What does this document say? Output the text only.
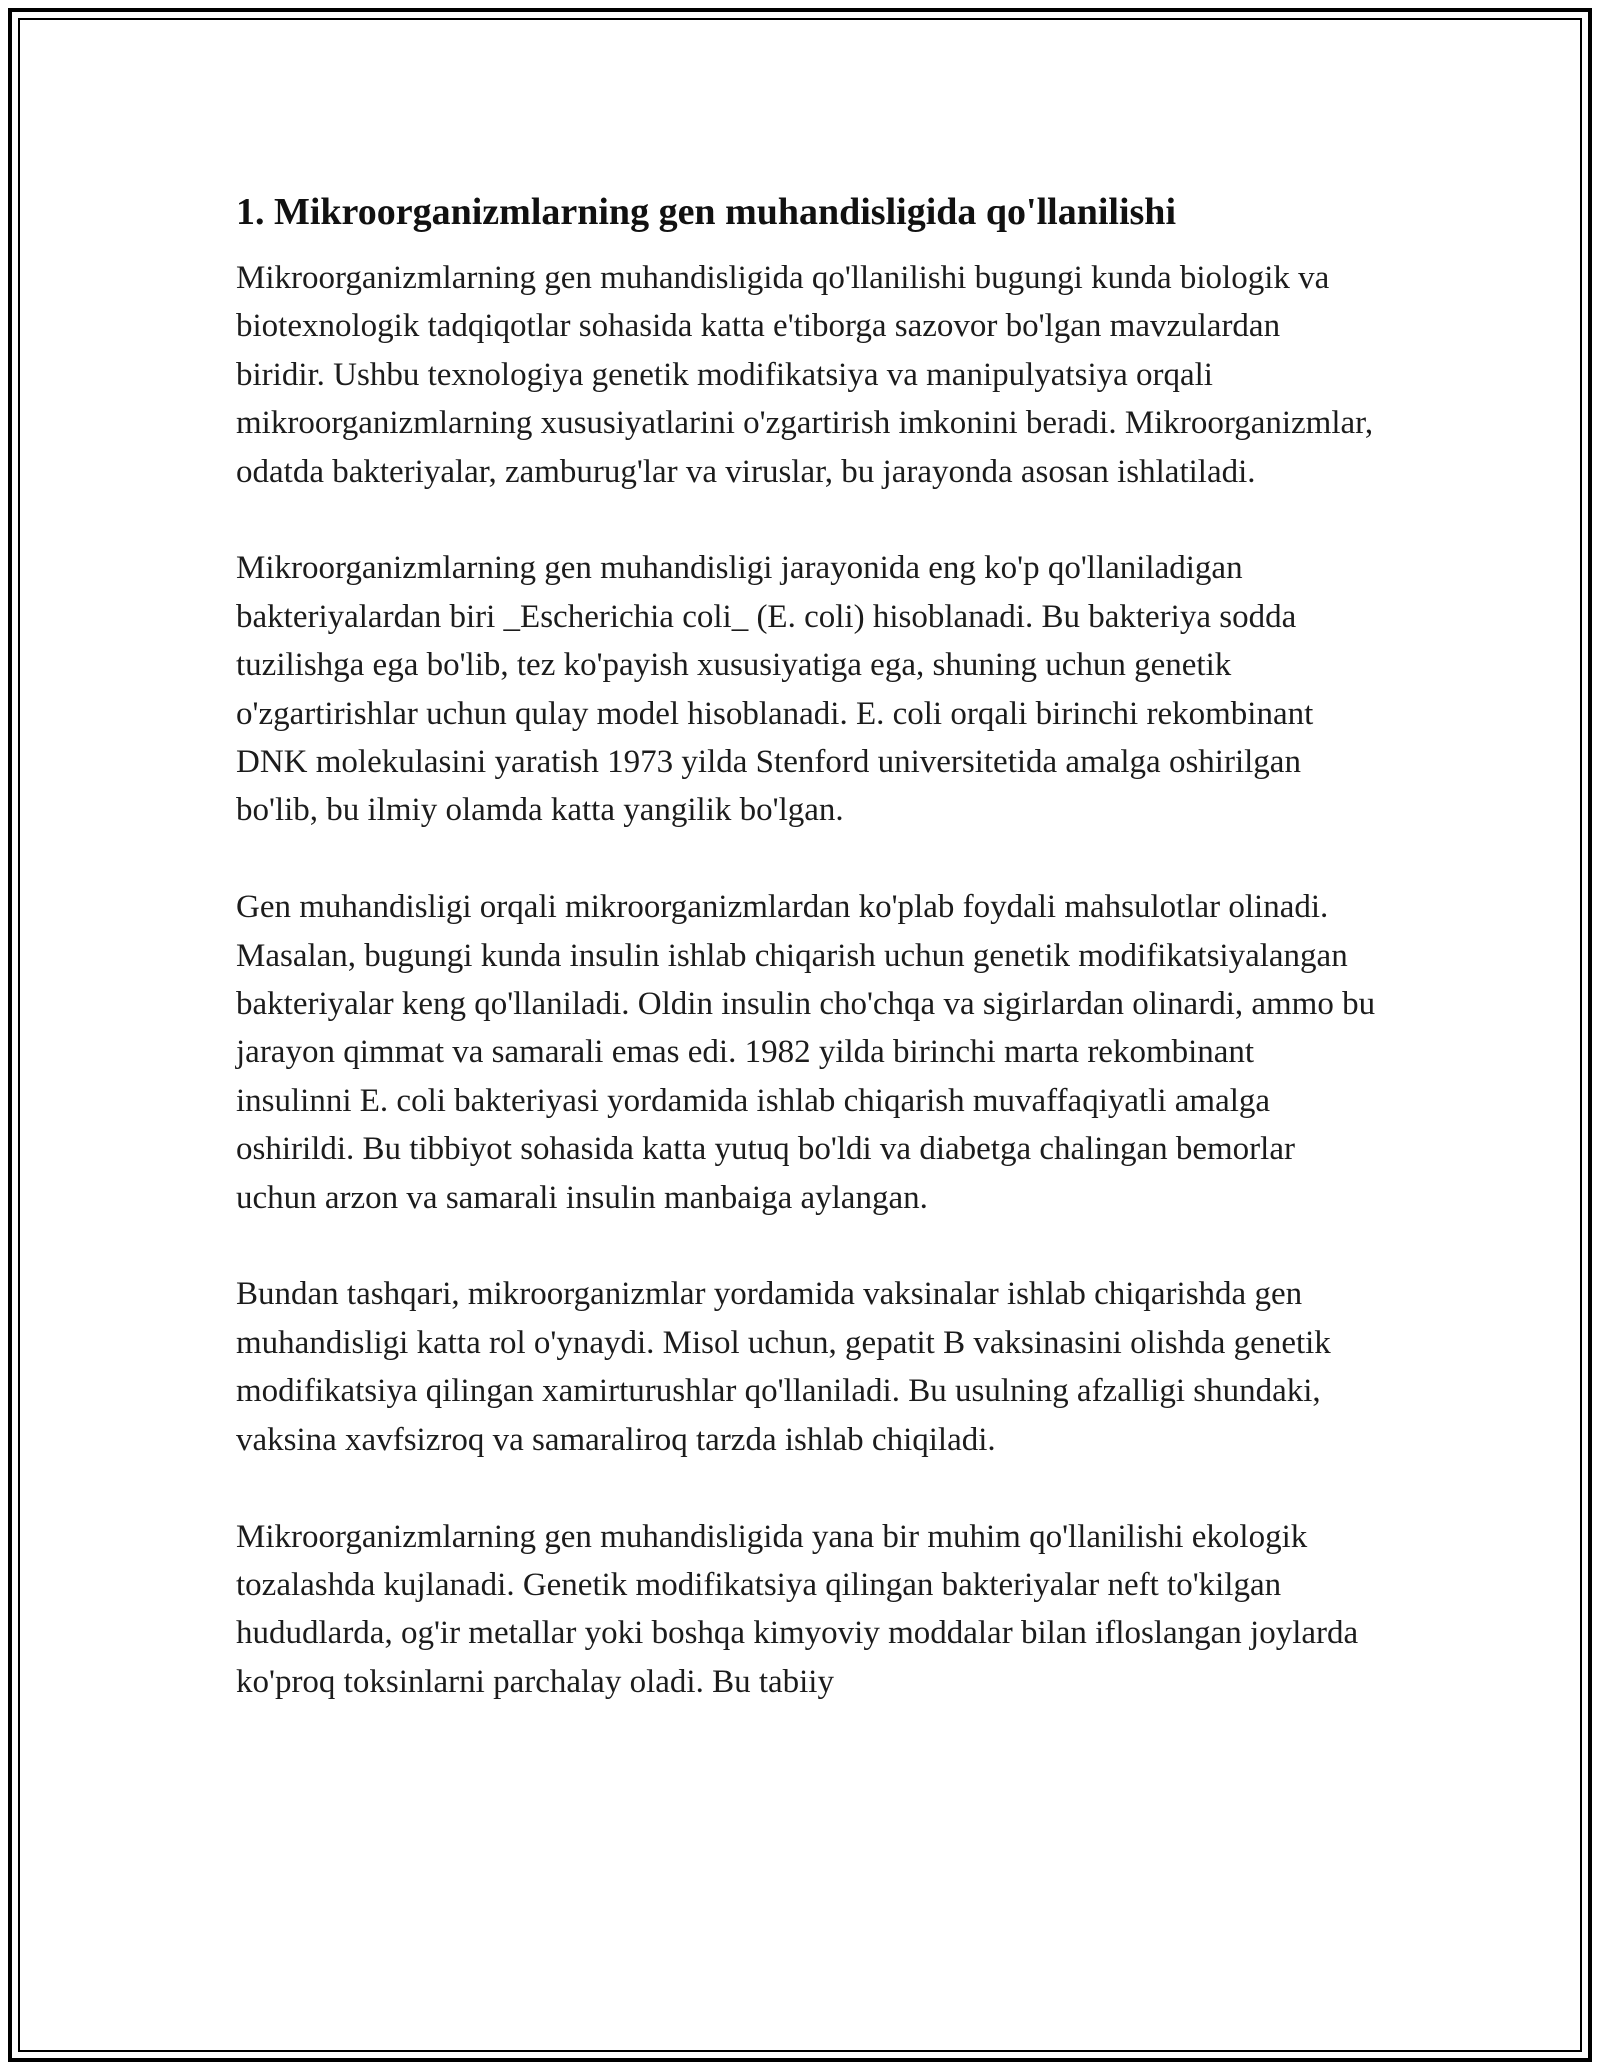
1. Mikroorganizmlarning gen muhandisligida qo'llanilishi

Mikroorganizmlarning gen muhandisligida qo'llanilishi bugungi kunda biologik va biotexnologik tadqiqotlar sohasida katta e'tiborga sazovor bo'lgan mavzulardan biridir. Ushbu texnologiya genetik modifikatsiya va manipulyatsiya orqali mikroorganizmlarning xususiyatlarini o'zgartirish imkonini beradi. Mikroorganizmlar, odatda bakteriyalar, zamburug'lar va viruslar, bu jarayonda asosan ishlatiladi.

Mikroorganizmlarning gen muhandisligi jarayonida eng ko'p qo'llaniladigan bakteriyalardan biri _Escherichia coli_ (E. coli) hisoblanadi. Bu bakteriya sodda tuzilishga ega bo'lib, tez ko'payish xususiyatiga ega, shuning uchun genetik o'zgartirishlar uchun qulay model hisoblanadi. E. coli orqali birinchi rekombinant DNK molekulasini yaratish 1973 yilda Stenford universitetida amalga oshirilgan bo'lib, bu ilmiy olamda katta yangilik bo'lgan.

Gen muhandisligi orqali mikroorganizmlardan ko'plab foydali mahsulotlar olinadi. Masalan, bugungi kunda insulin ishlab chiqarish uchun genetik modifikatsiyalangan bakteriyalar keng qo'llaniladi. Oldin insulin cho'chqa va sigirlardan olinardi, ammo bu jarayon qimmat va samarali emas edi. 1982 yilda birinchi marta rekombinant insulinni E. coli bakteriyasi yordamida ishlab chiqarish muvaffaqiyatli amalga oshirildi. Bu tibbiyot sohasida katta yutuq bo'ldi va diabetga chalingan bemorlar uchun arzon va samarali insulin manbaiga aylangan.

Bundan tashqari, mikroorganizmlar yordamida vaksinalar ishlab chiqarishda gen muhandisligi katta rol o'ynaydi. Misol uchun, gepatit B vaksinasini olishda genetik modifikatsiya qilingan xamirturushlar qo'llaniladi. Bu usulning afzalligi shundaki, vaksina xavfsizroq va samaraliroq tarzda ishlab chiqiladi.

Mikroorganizmlarning gen muhandisligida yana bir muhim qo'llanilishi ekologik tozalashda kujlanadi. Genetik modifikatsiya qilingan bakteriyalar neft to'kilgan hududlarda, og'ir metallar yoki boshqa kimyoviy moddalar bilan ifloslangan joylarda ko'proq toksinlarni parchalay oladi. Bu tabiiy
